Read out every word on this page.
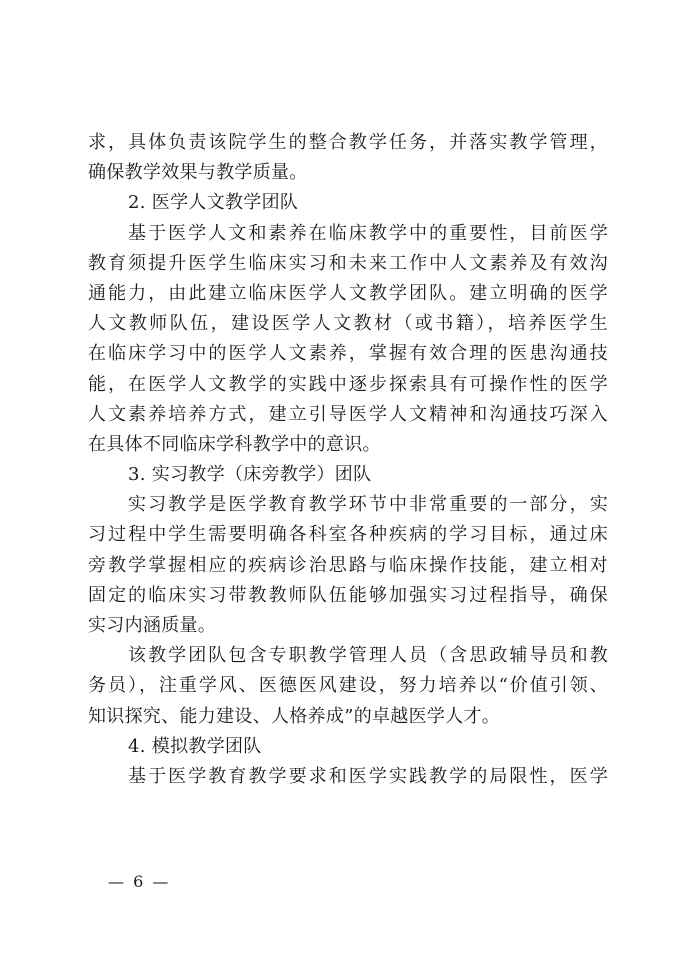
求，具体负责该院学生的整合教学任务，并落实教学管理，
确保教学效果与教学质量。
2. 医学人文教学团队
基于医学人文和素养在临床教学中的重要性，目前医学
教育须提升医学生临床实习和未来工作中人文素养及有效沟
通能力，由此建立临床医学人文教学团队。建立明确的医学
人文教师队伍，建设医学人文教材（或书籍），培养医学生
在临床学习中的医学人文素养，掌握有效合理的医患沟通技
能，在医学人文教学的实践中逐步探索具有可操作性的医学
人文素养培养方式，建立引导医学人文精神和沟通技巧深入
在具体不同临床学科教学中的意识。
3. 实习教学（床旁教学）团队
实习教学是医学教育教学环节中非常重要的一部分，实
习过程中学生需要明确各科室各种疾病的学习目标，通过床
旁教学掌握相应的疾病诊治思路与临床操作技能，建立相对
固定的临床实习带教教师队伍能够加强实习过程指导，确保
实习内涵质量。
该教学团队包含专职教学管理人员（含思政辅导员和教
务员），注重学风、医德医风建设，努力培养以“价值引领、
知识探究、能力建设、人格养成”的卓越医学人才。
4. 模拟教学团队
基于医学教育教学要求和医学实践教学的局限性，医学
— 6 —
